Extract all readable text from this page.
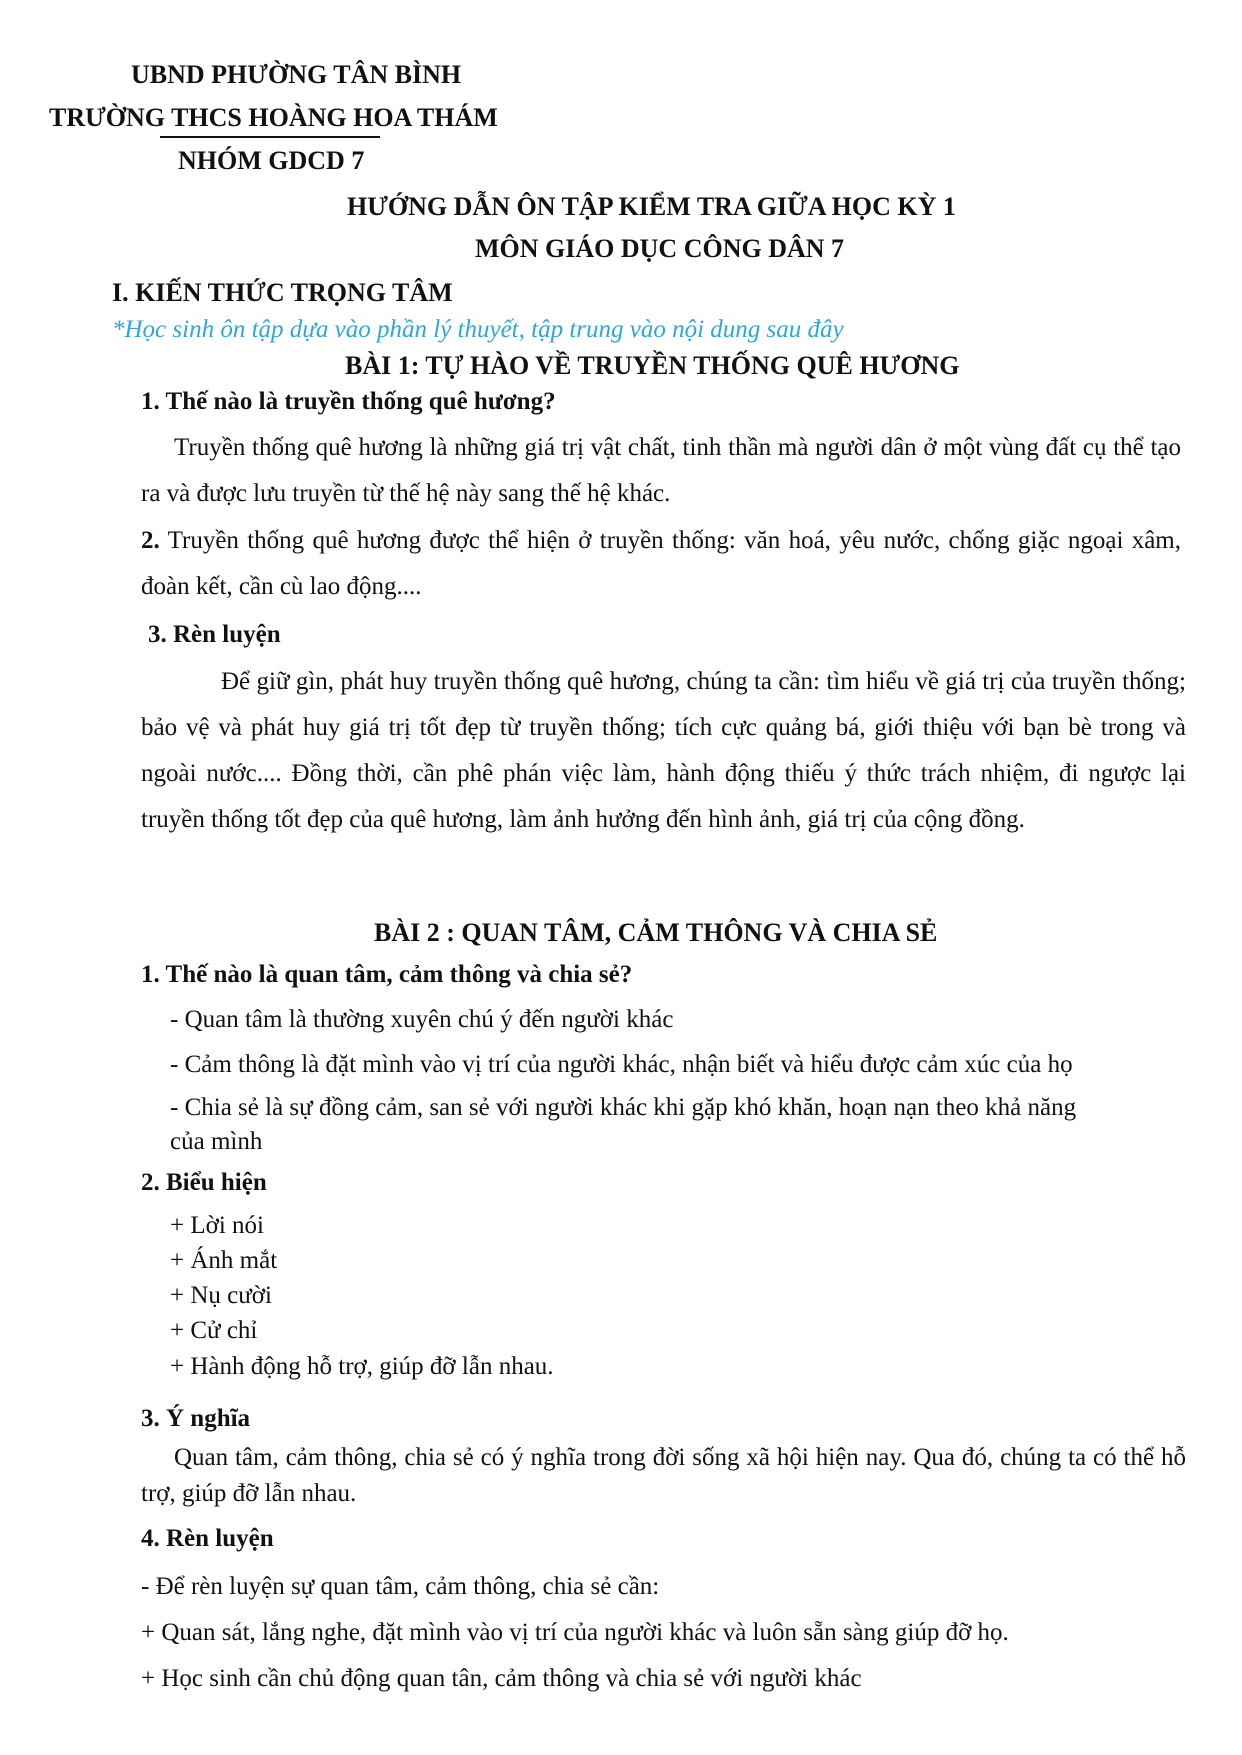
UBND PHƯỜNG TÂN BÌNH
TRƯỜNG THCS HOÀNG HOA THÁM
NHÓM GDCD 7
HƯỚNG DẪN ÔN TẬP KIỂM TRA GIỮA HỌC KỲ 1
MÔN GIÁO DỤC CÔNG DÂN 7
I. KIẾN THỨC TRỌNG TÂM
*Học sinh ôn tập dựa vào phần lý thuyết, tập trung vào nội dung sau đây
BÀI 1: TỰ HÀO VỀ TRUYỀN THỐNG QUÊ HƯƠNG
1. Thế nào là truyền thống quê hương?
Truyền thống quê hương là những giá trị vật chất, tinh thần mà người dân ở một vùng đất cụ thể tạo ra và được lưu truyền từ thế hệ này sang thế hệ khác.
2. Truyền thống quê hương được thể hiện ở truyền thống: văn hoá, yêu nước, chống giặc ngoại xâm, đoàn kết, cần cù lao động....
3. Rèn luyện
Để giữ gìn, phát huy truyền thống quê hương, chúng ta cần: tìm hiểu về giá trị của truyền thống; bảo vệ và phát huy giá trị tốt đẹp từ truyền thống; tích cực quảng bá, giới thiệu với bạn bè trong và ngoài nước.... Đồng thời, cần phê phán việc làm, hành động thiếu ý thức trách nhiệm, đi ngược lại truyền thống tốt đẹp của quê hương, làm ảnh hưởng đến hình ảnh, giá trị của cộng đồng.
BÀI 2 : QUAN TÂM, CẢM THÔNG VÀ CHIA SẺ
1. Thế nào là quan tâm, cảm thông và chia sẻ?
- Quan tâm là thường xuyên chú ý đến người khác
- Cảm thông là đặt mình vào vị trí của người khác, nhận biết và hiểu được cảm xúc của họ
- Chia sẻ là sự đồng cảm, san sẻ với người khác khi gặp khó khăn, hoạn nạn theo khả năng
của mình
2. Biểu hiện
+ Lời nói
+ Ánh mắt
+ Nụ cười
+ Cử chỉ
+ Hành động hỗ trợ, giúp đỡ lẫn nhau.
3. Ý nghĩa
Quan tâm, cảm thông, chia sẻ có ý nghĩa trong đời sống xã hội hiện nay. Qua đó, chúng ta có thể hỗ trợ, giúp đỡ lẫn nhau.
4. Rèn luyện
- Để rèn luyện sự quan tâm, cảm thông, chia sẻ cần:
+ Quan sát, lắng nghe, đặt mình vào vị trí của người khác và luôn sẵn sàng giúp đỡ họ.
+ Học sinh cần chủ động quan tân, cảm thông và chia sẻ với người khác
